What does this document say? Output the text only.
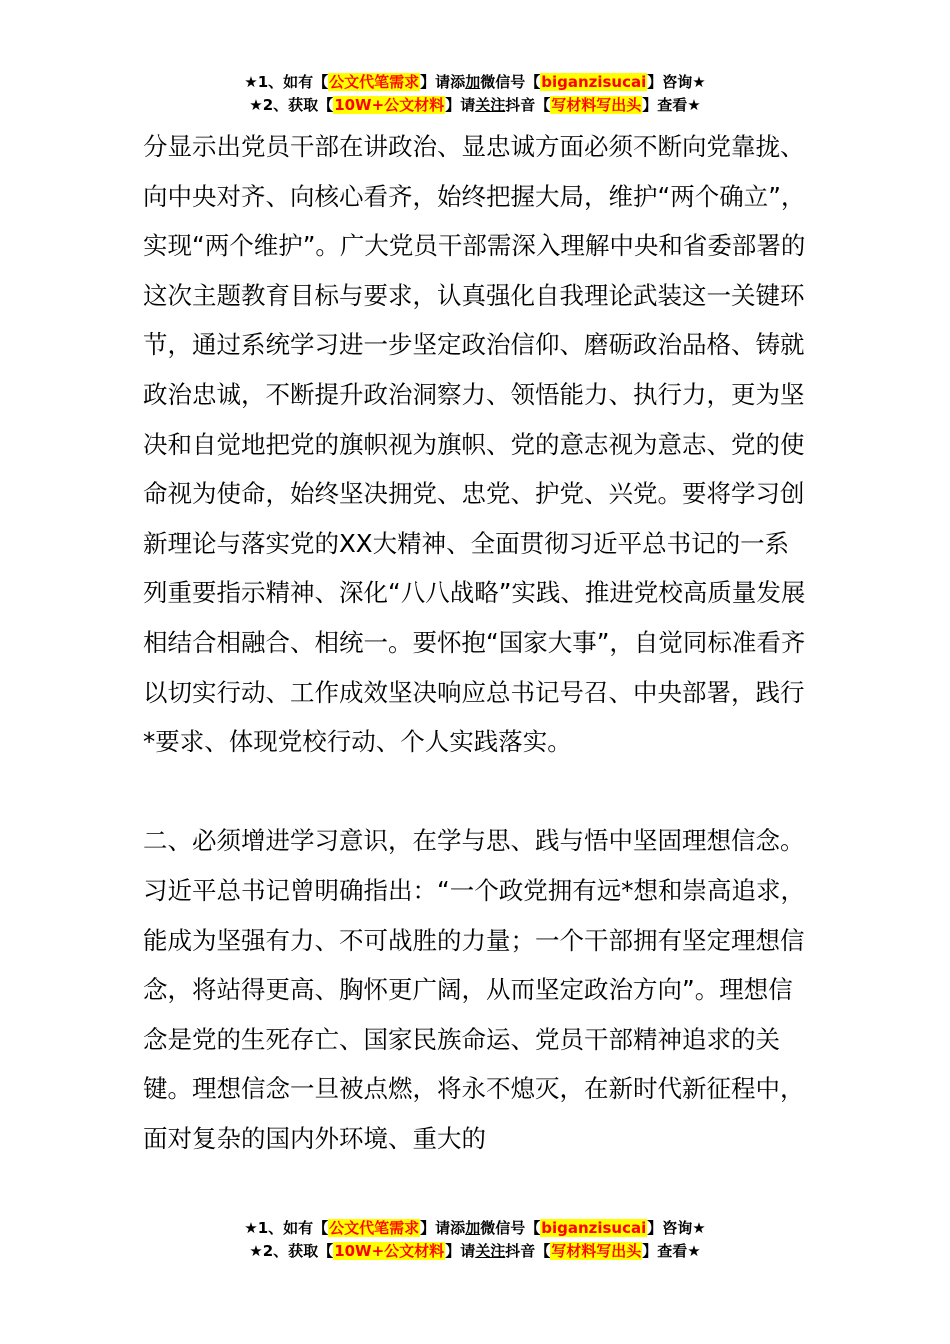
★1、如有【公文代笔需求】请添加微信号【biganzisucai】咨询★
★2、获取【10W+公文材料】请关注抖音【写材料写出头】查看★

分显示出党员干部在讲政治、显忠诚方面必须不断向党靠拢、向中央对齐、向核心看齐，始终把握大局，维护“两个确立”，实现“两个维护”。广大党员干部需深入理解中央和省委部署的这次主题教育目标与要求，认真强化自我理论武装这一关键环节，通过系统学习进一步坚定政治信仰、磨砺政治品格、铸就政治忠诚，不断提升政治洞察力、领悟能力、执行力，更为坚决和自觉地把党的旗帜视为旗帜、党的意志视为意志、党的使命视为使命，始终坚决拥党、忠党、护党、兴党。要将学习创新理论与落实党的XX大精神、全面贯彻习近平总书记的一系列重要指示精神、深化“八八战略”实践、推进党校高质量发展相结合相融合、相统一。要怀抱“国家大事”，自觉同标准看齐以切实行动、工作成效坚决响应总书记号召、中央部署，践行*要求、体现党校行动、个人实践落实。

二、必须增进学习意识，在学与思、践与悟中坚固理想信念。习近平总书记曾明确指出：“一个政党拥有远*想和崇高追求，能成为坚强有力、不可战胜的力量；一个干部拥有坚定理想信念，将站得更高、胸怀更广阔，从而坚定政治方向”。理想信念是党的生死存亡、国家民族命运、党员干部精神追求的关键。理想信念一旦被点燃，将永不熄灭，在新时代新征程中，面对复杂的国内外环境、重大的

★1、如有【公文代笔需求】请添加微信号【biganzisucai】咨询★
★2、获取【10W+公文材料】请关注抖音【写材料写出头】查看★
